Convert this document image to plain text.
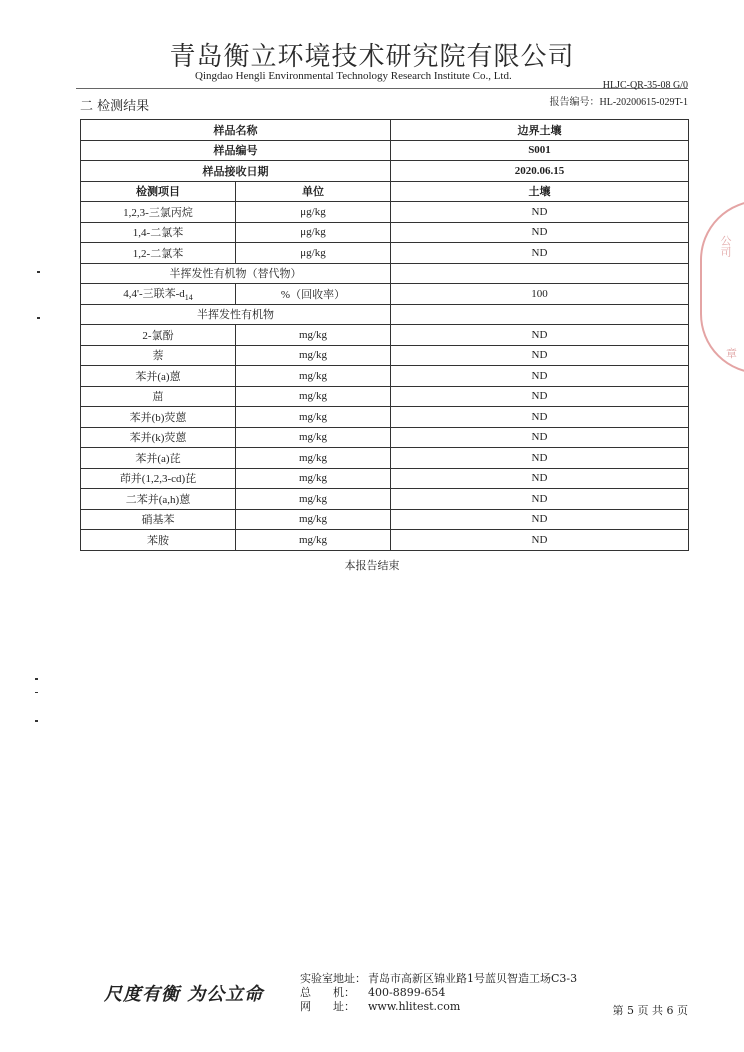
青岛衡立环境技术研究院有限公司
Qingdao Hengli Environmental Technology Research Institute Co., Ltd.
HLJC-QR-35-08 G/0
报告编号：HL-20200615-029T-1
二 检测结果
样品名称		边界土壤
样品编号		S001
样品接收日期		2020.06.15
检测项目	单位	土壤
1,2,3-三氯丙烷	μg/kg	ND
1,4-二氯苯	μg/kg	ND
1,2-二氯苯	μg/kg	ND
半挥发性有机物（替代物）		
4,4'-三联苯$-d_{14}$	%（回收率）	100
半挥发性有机物		
2-氯酚	mg/kg	ND
萘	mg/kg	ND
苯并(a)蒽	mg/kg	ND
䓛	mg/kg	ND
苯并(b)荧蒽	mg/kg	ND
苯并(k)荧蒽	mg/kg	ND
苯并(a)芘	mg/kg	ND
茚并(1,2,3-cd)芘	mg/kg	ND
二苯并(a,h)蒽	mg/kg	ND
硝基苯	mg/kg	ND
苯胺	mg/kg	ND
本报告结束
公司
章
尺度有衡 为公立命
实验室地址： 青岛市高新区锦业路1号蓝贝智造工场C3-3
总　　机： 400-8899-654
网　　址： www.hlitest.com	第 5 页 共 6 页
